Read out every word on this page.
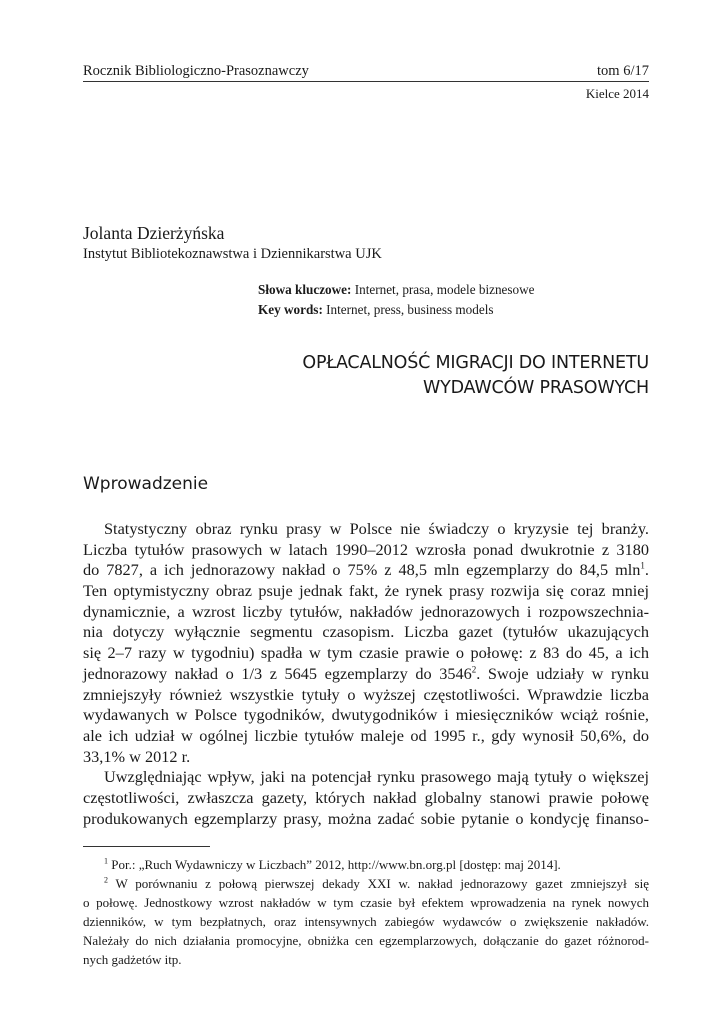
Rocznik Bibliologiczno-Prasoznawczy	tom 6/17
Kielce 2014
Jolanta Dzierżyńska
Instytut Bibliotekoznawstwa i Dziennikarstwa UJK
Słowa kluczowe: Internet, prasa, modele biznesowe
Key words: Internet, press, business models
OPŁACALNOŚĆ MIGRACJI DO INTERNETU
WYDAWCÓW PRASOWYCH
Wprowadzenie
Statystyczny obraz rynku prasy w Polsce nie świadczy o kryzysie tej branży.
Liczba tytułów prasowych w latach 1990–2012 wzrosła ponad dwukrotnie z 3180
do 7827, a ich jednorazowy nakład o 75% z 48,5 mln egzemplarzy do 84,5 mln$^1$.
Ten optymistyczny obraz psuje jednak fakt, że rynek prasy rozwija się coraz mniej
dynamicznie, a wzrost liczby tytułów, nakładów jednorazowych i rozpowszechnia-
nia dotyczy wyłącznie segmentu czasopism. Liczba gazet (tytułów ukazujących
się 2–7 razy w tygodniu) spadła w tym czasie prawie o połowę: z 83 do 45, a ich
jednorazowy nakład o 1/3 z 5645 egzemplarzy do 3546$^2$. Swoje udziały w rynku
zmniejszyły również wszystkie tytuły o wyższej częstotliwości. Wprawdzie liczba
wydawanych w Polsce tygodników, dwutygodników i miesięczników wciąż rośnie,
ale ich udział w ogólnej liczbie tytułów maleje od 1995 r., gdy wynosił 50,6%, do
33,1% w 2012 r.
Uwzględniając wpływ, jaki na potencjał rynku prasowego mają tytuły o większej
częstotliwości, zwłaszcza gazety, których nakład globalny stanowi prawie połowę
produkowanych egzemplarzy prasy, można zadać sobie pytanie o kondycję finanso-
$^1$ Por.: „Ruch Wydawniczy w Liczbach” 2012, http://www.bn.org.pl [dostęp: maj 2014].
$^2$ W porównaniu z połową pierwszej dekady XXI w. nakład jednorazowy gazet zmniejszył się
o połowę. Jednostkowy wzrost nakładów w tym czasie był efektem wprowadzenia na rynek nowych
dzienników, w tym bezpłatnych, oraz intensywnych zabiegów wydawców o zwiększenie nakładów.
Należały do nich działania promocyjne, obniżka cen egzemplarzowych, dołączanie do gazet różnorod-
nych gadżetów itp.
